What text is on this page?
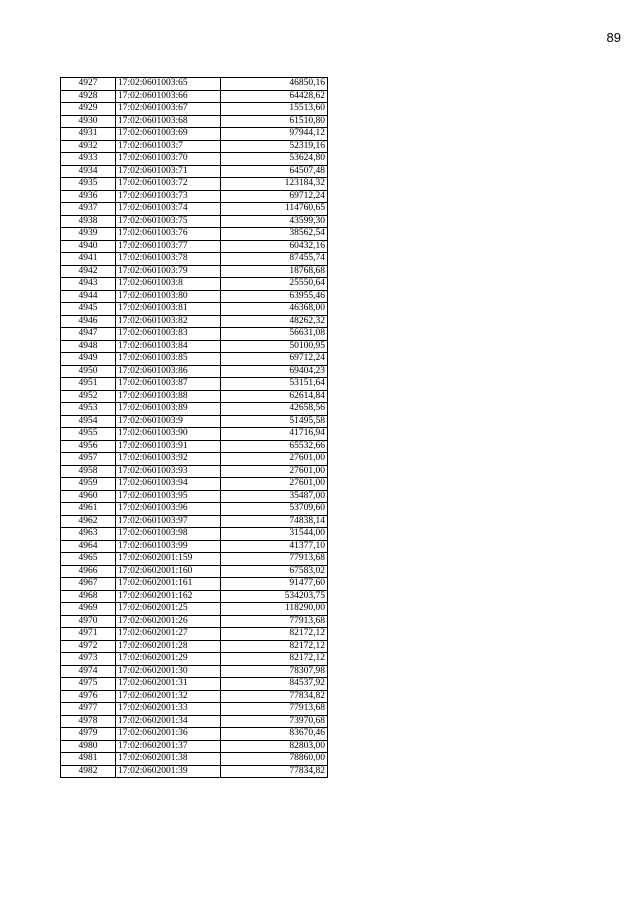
89
4927	17:02:0601003:65	46850,16
4928	17:02:0601003:66	64428,62
4929	17:02:0601003:67	15513,60
4930	17:02:0601003:68	61510,80
4931	17:02:0601003:69	97944,12
4932	17:02:0601003:7	52319,16
4933	17:02:0601003:70	53624,80
4934	17:02:0601003:71	64507,48
4935	17:02:0601003:72	123184,32
4936	17:02:0601003:73	69712,24
4937	17:02:0601003:74	114760,65
4938	17:02:0601003:75	43599,30
4939	17:02:0601003:76	38562,54
4940	17:02:0601003:77	60432,16
4941	17:02:0601003:78	87455,74
4942	17:02:0601003:79	18768,68
4943	17:02:0601003:8	25550,64
4944	17:02:0601003:80	63955,46
4945	17:02:0601003:81	46368,00
4946	17:02:0601003:82	48262,32
4947	17:02:0601003:83	56631,08
4948	17:02:0601003:84	50100,95
4949	17:02:0601003:85	69712,24
4950	17:02:0601003:86	69404,23
4951	17:02:0601003:87	53151,64
4952	17:02:0601003:88	62614,84
4953	17:02:0601003:89	42658,56
4954	17:02:0601003:9	51495,58
4955	17:02:0601003:90	41716,94
4956	17:02:0601003:91	65532,66
4957	17:02:0601003:92	27601,00
4958	17:02:0601003:93	27601,00
4959	17:02:0601003:94	27601,00
4960	17:02:0601003:95	35487,00
4961	17:02:0601003:96	53709,60
4962	17:02:0601003:97	74838,14
4963	17:02:0601003:98	31544,00
4964	17:02:0601003:99	41377,10
4965	17:02:0602001:159	77913,68
4966	17:02:0602001:160	67583,02
4967	17:02:0602001:161	91477,60
4968	17:02:0602001:162	534203,75
4969	17:02:0602001:25	118290,00
4970	17:02:0602001:26	77913,68
4971	17:02:0602001:27	82172,12
4972	17:02:0602001:28	82172,12
4973	17:02:0602001:29	82172,12
4974	17:02:0602001:30	78307,98
4975	17:02:0602001:31	84537,92
4976	17:02:0602001:32	77834,82
4977	17:02:0602001:33	77913,68
4978	17:02:0602001:34	73970,68
4979	17:02:0602001:36	83670,46
4980	17:02:0602001:37	82803,00
4981	17:02:0602001:38	78860,00
4982	17:02:0602001:39	77834,82
